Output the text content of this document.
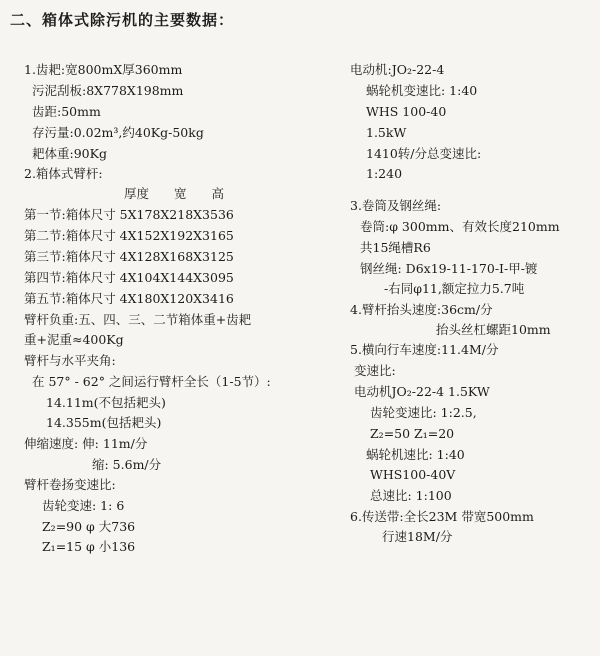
二、箱体式除污机的主要数据：
1.齿耙:宽800mX厚360mm
污泥刮板:8X778X198mm
齿距:50mm
存污量:0.02m³,约40Kg-50kg
耙体重:90Kg
2.箱体式臂杆:
厚度　　宽　　高
第一节:箱体尺寸 5X178X218X3536
第二节:箱体尺寸 4X152X192X3165
第三节:箱体尺寸 4X128X168X3125
第四节:箱体尺寸 4X104X144X3095
第五节:箱体尺寸 4X180X120X3416
臂杆负重:五、四、三、二节箱体重+齿耙
重+泥重≈400Kg
臂杆与水平夹角:
在 57° - 62° 之间运行臂杆全长（1-5节）:
14.11m(不包括耙头)
14.355m(包括耙头)
伸缩速度: 伸: 11m/分
缩: 5.6m/分
臂杆卷扬变速比:
齿轮变速: 1: 6
Z₂=90 φ 大736
Z₁=15 φ 小136
电动机:JO₂-22-4
蜗轮机变速比: 1:40
WHS 100-40
1.5kW
1410转/分总变速比:
1:240
3.卷筒及钢丝绳:
卷筒:φ 300mm、有效长度210mm
共15绳槽R6
钢丝绳: D6x19-11-170-I-甲-镀
-右同φ11,额定拉力5.7吨
4.臂杆抬头速度:36cm/分
抬头丝杠螺距10mm
5.横向行车速度:11.4M/分
变速比:
电动机JO₂-22-4 1.5KW
齿轮变速比: 1:2.5,
Z₂=50 Z₁=20
蜗轮机速比: 1:40
WHS100-40V
总速比: 1:100
6.传送带:全长23M 带宽500mm
行速18M/分
